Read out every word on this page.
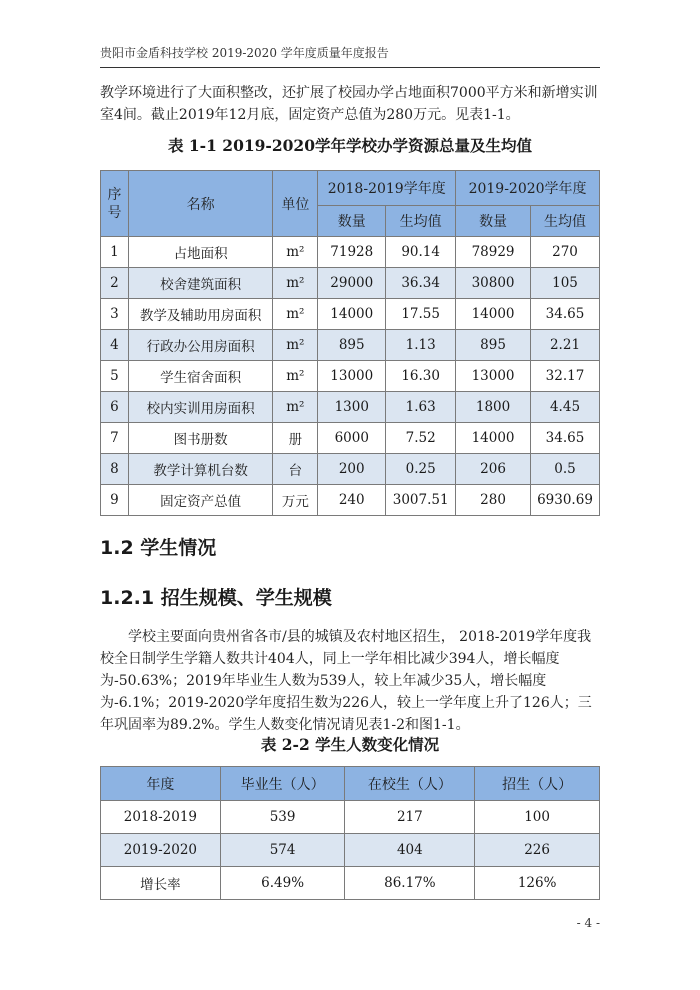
贵阳市金盾科技学校 2019-2020 学年度质量年度报告
教学环境进行了大面积整改，还扩展了校园办学占地面积7000平方米和新增实训室4间。截止2019年12月底，固定资产总值为280万元。见表1-1。
表 1-1 2019-2020学年学校办学资源总量及生均值
序号	名称	单位	2018-2019学年度		2019-2020学年度	
			数量	生均值	数量	生均值
1	占地面积	m²	71928	90.14	78929	270
2	校舍建筑面积	m²	29000	36.34	30800	105
3	教学及辅助用房面积	m²	14000	17.55	14000	34.65
4	行政办公用房面积	m²	895	1.13	895	2.21
5	学生宿舍面积	m²	13000	16.30	13000	32.17
6	校内实训用房面积	m²	1300	1.63	1800	4.45
7	图书册数	册	6000	7.52	14000	34.65
8	教学计算机台数	台	200	0.25	206	0.5
9	固定资产总值	万元	240	3007.51	280	6930.69
1.2 学生情况
1.2.1 招生规模、学生规模
学校主要面向贵州省各市/县的城镇及农村地区招生， 2018-2019学年度我校全日制学生学籍人数共计404人，同上一学年相比减少394人，增长幅度为-50.63%；2019年毕业生人数为539人，较上年减少35人，增长幅度为-6.1%；2019-2020学年度招生数为226人，较上一学年度上升了126人；三年巩固率为89.2%。学生人数变化情况请见表1-2和图1-1。
表 2-2 学生人数变化情况
年度	毕业生（人）	在校生（人）	招生（人）
2018-2019	539	217	100
2019-2020	574	404	226
增长率	6.49%	86.17%	126%
- 4 -
